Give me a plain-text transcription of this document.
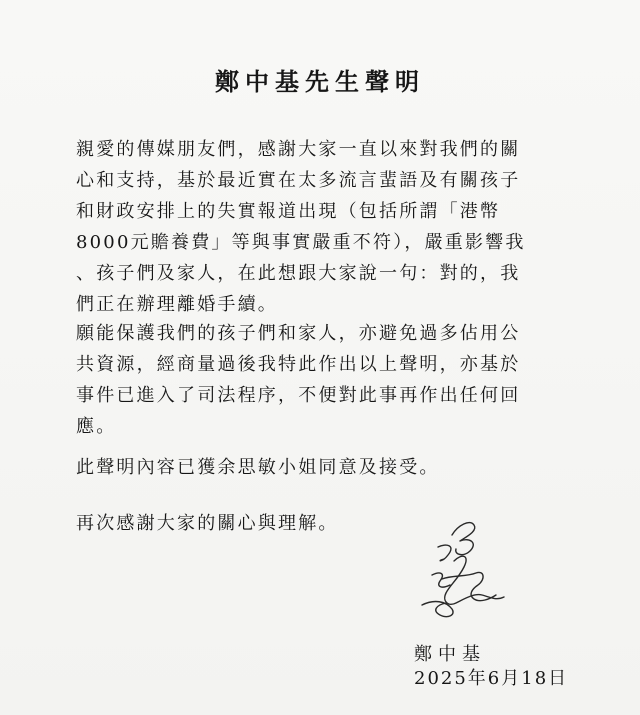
鄭中基先生聲明
親愛的傳媒朋友們，感謝大家一直以來對我們的關
心和支持，基於最近實在太多流言蜚語及有關孩子
和財政安排上的失實報道出現（包括所謂「港幣
8000元贍養費」等與事實嚴重不符），嚴重影響我
、孩子們及家人，在此想跟大家說一句：對的，我
們正在辦理離婚手續。
願能保護我們的孩子們和家人，亦避免過多佔用公
共資源，經商量過後我特此作出以上聲明，亦基於
事件已進入了司法程序，不便對此事再作出任何回
應。
此聲明內容已獲余思敏小姐同意及接受。
再次感謝大家的關心與理解。
鄭中基
2025年6月18日
